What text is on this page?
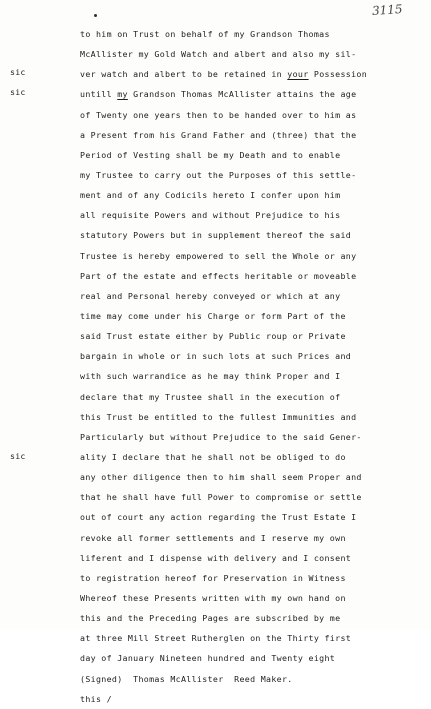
3115
sic
sic
sic
to him on Trust on behalf of my Grandson Thomas
McAllister my Gold Watch and albert and also my sil-
ver watch and albert to be retained in your Possession
untill my Grandson Thomas McAllister attains the age
of Twenty one years then to be handed over to him as
a Present from his Grand Father and (three) that the
Period of Vesting shall be my Death and to enable
my Trustee to carry out the Purposes of this settle-
ment and of any Codicils hereto I confer upon him
all requisite Powers and without Prejudice to his
statutory Powers but in supplement thereof the said
Trustee is hereby empowered to sell the Whole or any
Part of the estate and effects heritable or moveable
real and Personal hereby conveyed or which at any
time may come under his Charge or form Part of the
said Trust estate either by Public roup or Private
bargain in whole or in such lots at such Prices and
with such warrandice as he may think Proper and I
declare that my Trustee shall in the execution of
this Trust be entitled to the fullest Immunities and
Particularly but without Prejudice to the said Gener-
ality I declare that he shall not be obliged to do
any other diligence then to him shall seem Proper and
that he shall have full Power to compromise or settle
out of court any action regarding the Trust Estate I
revoke all former settlements and I reserve my own
liferent and I dispense with delivery and I consent
to registration hereof for Preservation in Witness
Whereof these Presents written with my own hand on
this and the Preceding Pages are subscribed by me
at three Mill Street Rutherglen on the Thirty first
day of January Nineteen hundred and Twenty eight
(Signed)  Thomas McAllister  Reed Maker.
this /
